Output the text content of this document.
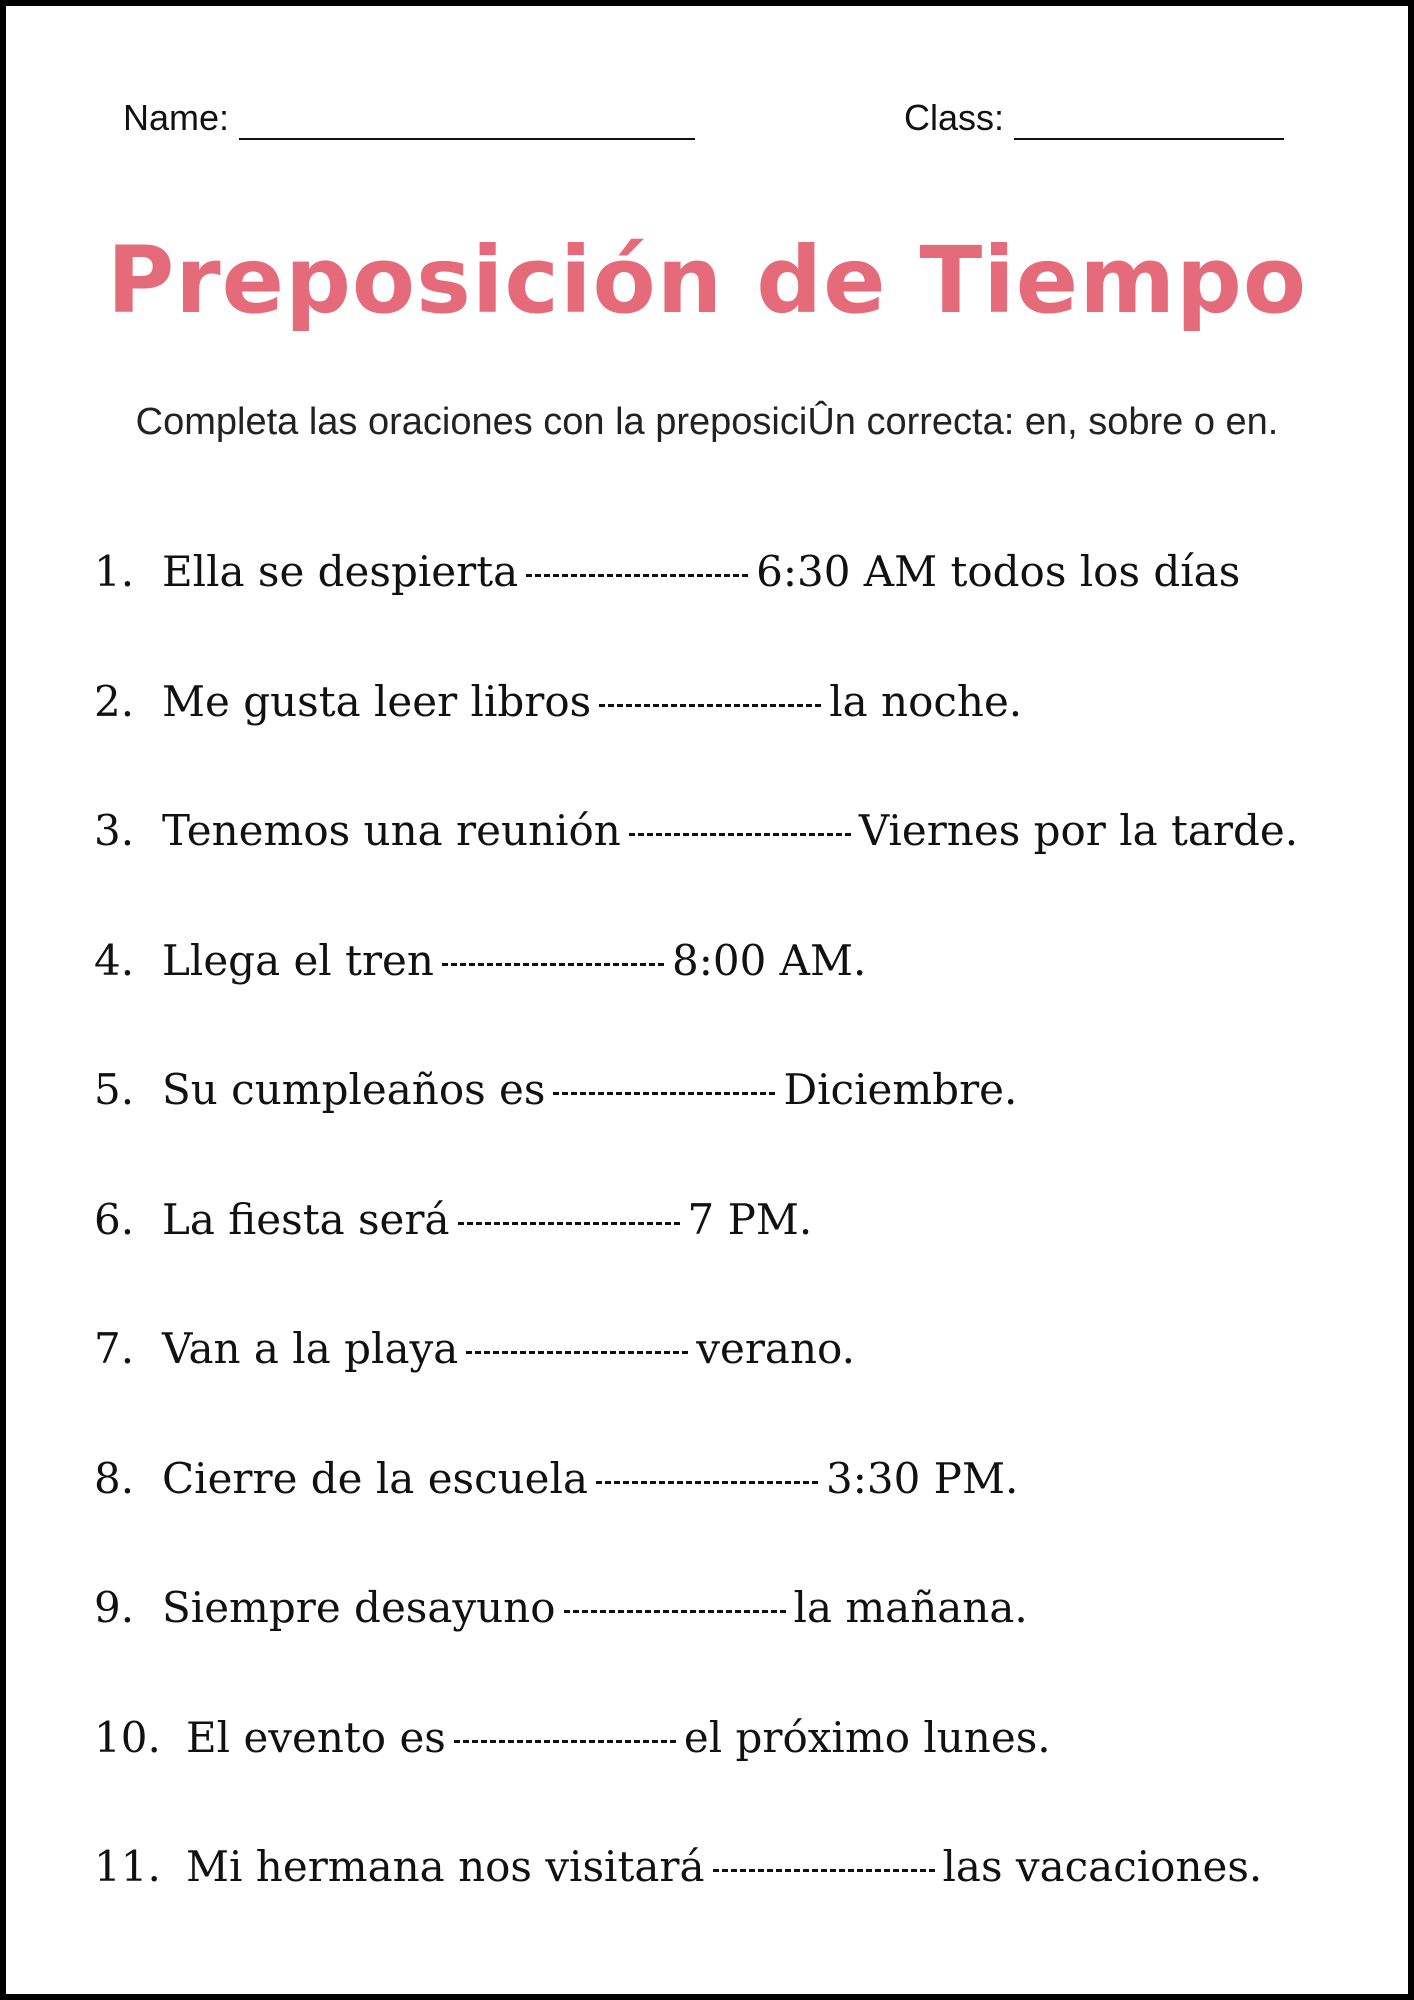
Name:	Class:
Preposición de Tiempo
Completa las oraciones con la preposiciÛn correcta: en, sobre o en.
1. Ella se despierta	6:30 AM todos los días
2. Me gusta leer libros	la noche.
3. Tenemos una reunión	Viernes por la tarde.
4. Llega el tren	8:00 AM.
5. Su cumpleaños es	Diciembre.
6. La fiesta será	7 PM.
7. Van a la playa	verano.
8. Cierre de la escuela	3:30 PM.
9. Siempre desayuno	la mañana.
10. El evento es	el próximo lunes.
11. Mi hermana nos visitará	las vacaciones.
